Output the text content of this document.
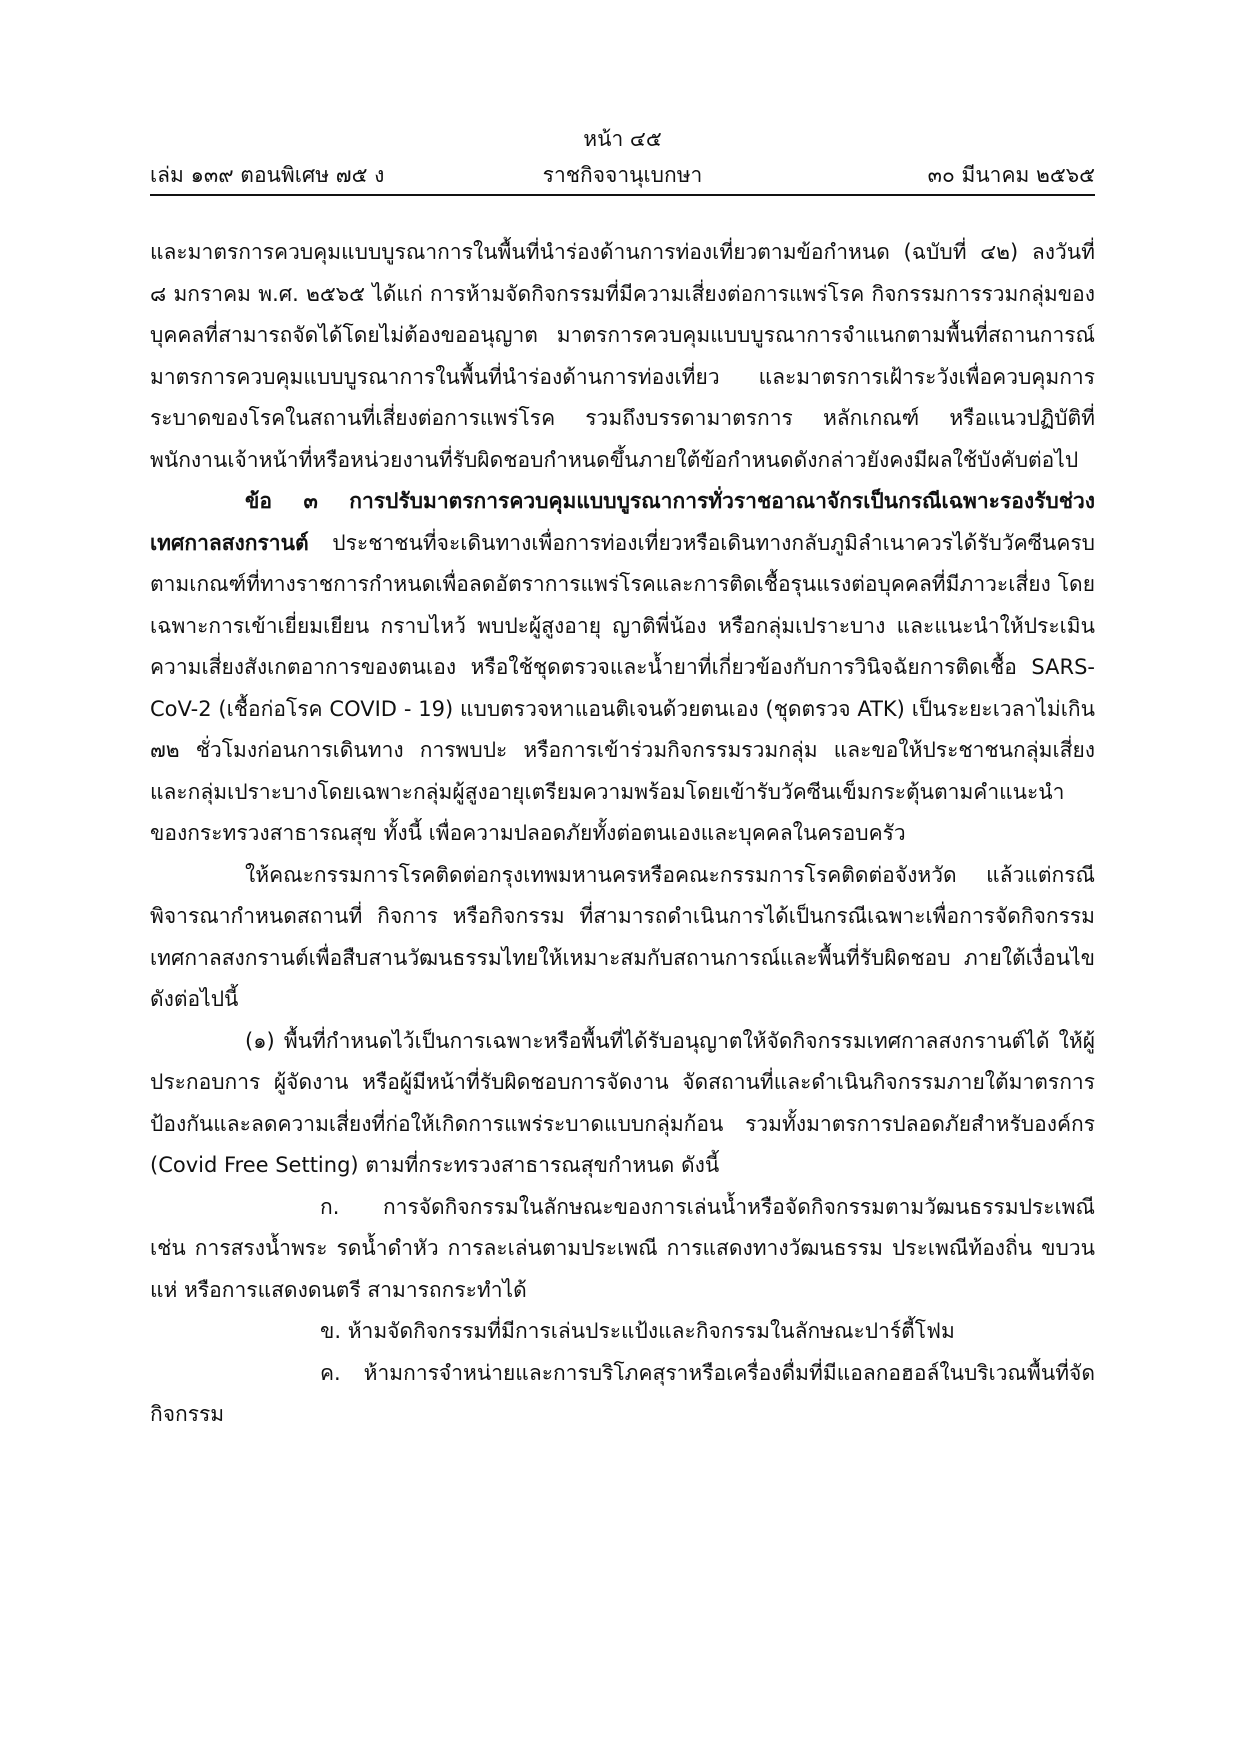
หน้า ๔๕
เล่ม ๑๓๙ ตอนพิเศษ ๗๕ ง	ราชกิจจานุเบกษา	๓๐ มีนาคม ๒๕๖๕

และมาตรการควบคุมแบบบูรณาการในพื้นที่นำร่องด้านการท่องเที่ยวตามข้อกำหนด (ฉบับที่ ๔๒) ลงวันที่ ๘ มกราคม พ.ศ. ๒๕๖๕ ได้แก่ การห้ามจัดกิจกรรมที่มีความเสี่ยงต่อการแพร่โรค กิจกรรมการรวมกลุ่มของบุคคลที่สามารถจัดได้โดยไม่ต้องขออนุญาต มาตรการควบคุมแบบบูรณาการจำแนกตามพื้นที่สถานการณ์ มาตรการควบคุมแบบบูรณาการในพื้นที่นำร่องด้านการท่องเที่ยว และมาตรการเฝ้าระวังเพื่อควบคุมการระบาดของโรคในสถานที่เสี่ยงต่อการแพร่โรค รวมถึงบรรดามาตรการ หลักเกณฑ์ หรือแนวปฏิบัติที่พนักงานเจ้าหน้าที่หรือหน่วยงานที่รับผิดชอบกำหนดขึ้นภายใต้ข้อกำหนดดังกล่าวยังคงมีผลใช้บังคับต่อไป

ข้อ ๓ การปรับมาตรการควบคุมแบบบูรณาการทั่วราชอาณาจักรเป็นกรณีเฉพาะรองรับช่วงเทศกาลสงกรานต์ ประชาชนที่จะเดินทางเพื่อการท่องเที่ยวหรือเดินทางกลับภูมิลำเนาควรได้รับวัคซีนครบตามเกณฑ์ที่ทางราชการกำหนดเพื่อลดอัตราการแพร่โรคและการติดเชื้อรุนแรงต่อบุคคลที่มีภาวะเสี่ยง โดยเฉพาะการเข้าเยี่ยมเยียน กราบไหว้ พบปะผู้สูงอายุ ญาติพี่น้อง หรือกลุ่มเปราะบาง และแนะนำให้ประเมินความเสี่ยงสังเกตอาการของตนเอง หรือใช้ชุดตรวจและน้ำยาที่เกี่ยวข้องกับการวินิจฉัยการติดเชื้อ SARS-CoV-2 (เชื้อก่อโรค COVID - 19) แบบตรวจหาแอนติเจนด้วยตนเอง (ชุดตรวจ ATK) เป็นระยะเวลาไม่เกิน ๗๒ ชั่วโมงก่อนการเดินทาง การพบปะ หรือการเข้าร่วมกิจกรรมรวมกลุ่ม และขอให้ประชาชนกลุ่มเสี่ยงและกลุ่มเปราะบางโดยเฉพาะกลุ่มผู้สูงอายุเตรียมความพร้อมโดยเข้ารับวัคซีนเข็มกระตุ้นตามคำแนะนำของกระทรวงสาธารณสุข ทั้งนี้ เพื่อความปลอดภัยทั้งต่อตนเองและบุคคลในครอบครัว

ให้คณะกรรมการโรคติดต่อกรุงเทพมหานครหรือคณะกรรมการโรคติดต่อจังหวัด แล้วแต่กรณี พิจารณากำหนดสถานที่ กิจการ หรือกิจกรรม ที่สามารถดำเนินการได้เป็นกรณีเฉพาะเพื่อการจัดกิจกรรมเทศกาลสงกรานต์เพื่อสืบสานวัฒนธรรมไทยให้เหมาะสมกับสถานการณ์และพื้นที่รับผิดชอบ ภายใต้เงื่อนไขดังต่อไปนี้

(๑) พื้นที่กำหนดไว้เป็นการเฉพาะหรือพื้นที่ได้รับอนุญาตให้จัดกิจกรรมเทศกาลสงกรานต์ได้ ให้ผู้ประกอบการ ผู้จัดงาน หรือผู้มีหน้าที่รับผิดชอบการจัดงาน จัดสถานที่และดำเนินกิจกรรมภายใต้มาตรการป้องกันและลดความเสี่ยงที่ก่อให้เกิดการแพร่ระบาดแบบกลุ่มก้อน รวมทั้งมาตรการปลอดภัยสำหรับองค์กร (Covid Free Setting) ตามที่กระทรวงสาธารณสุขกำหนด ดังนี้

ก. การจัดกิจกรรมในลักษณะของการเล่นน้ำหรือจัดกิจกรรมตามวัฒนธรรมประเพณี เช่น การสรงน้ำพระ รดน้ำดำหัว การละเล่นตามประเพณี การแสดงทางวัฒนธรรม ประเพณีท้องถิ่น ขบวนแห่ หรือการแสดงดนตรี สามารถกระทำได้

ข. ห้ามจัดกิจกรรมที่มีการเล่นประแป้งและกิจกรรมในลักษณะปาร์ตี้โฟม

ค. ห้ามการจำหน่ายและการบริโภคสุราหรือเครื่องดื่มที่มีแอลกอฮอล์ในบริเวณพื้นที่จัดกิจกรรม
